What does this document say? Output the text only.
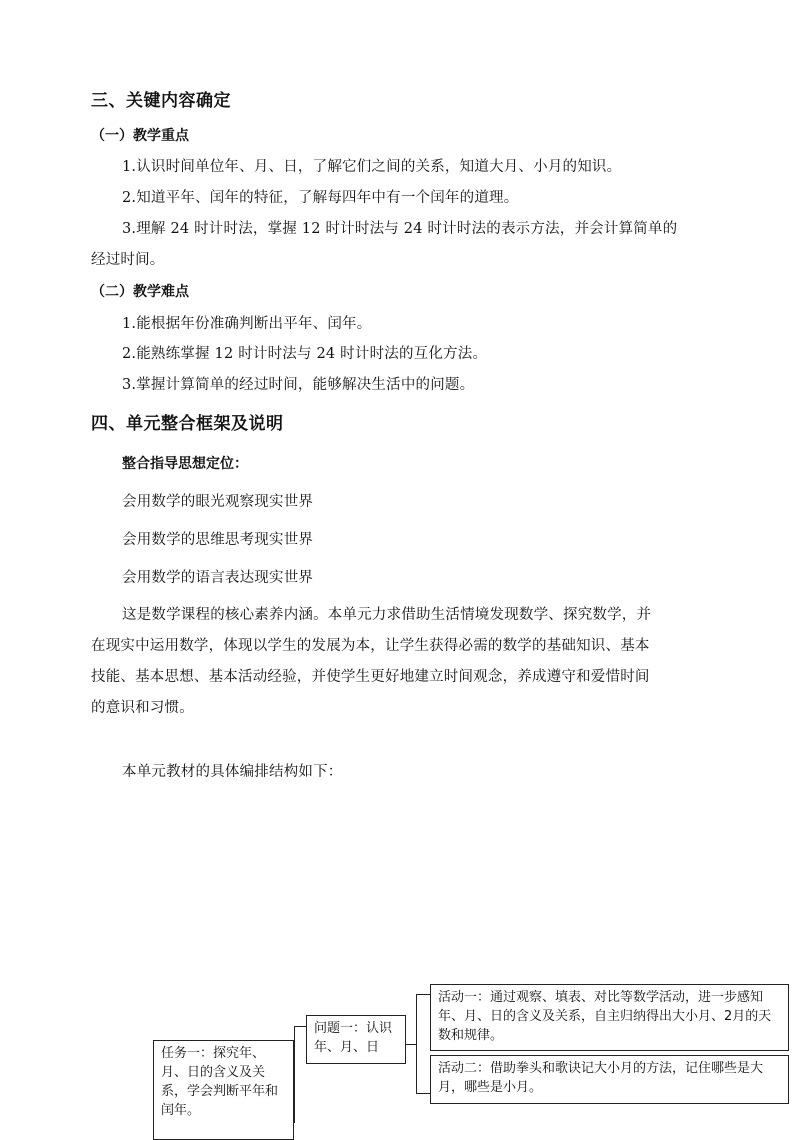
三、关键内容确定
（一）教学重点
1.认识时间单位年、月、日，了解它们之间的关系，知道大月、小月的知识。
2.知道平年、闰年的特征，了解每四年中有一个闰年的道理。
3.理解 24 时计时法，掌握 12 时计时法与 24 时计时法的表示方法，并会计算简单的
经过时间。
（二）教学难点
1.能根据年份准确判断出平年、闰年。
2.能熟练掌握 12 时计时法与 24 时计时法的互化方法。
3.掌握计算简单的经过时间，能够解决生活中的问题。
四、单元整合框架及说明
整合指导思想定位：
会用数学的眼光观察现实世界
会用数学的思维思考现实世界
会用数学的语言表达现实世界
这是数学课程的核心素养内涵。本单元力求借助生活情境发现数学、探究数学，并
在现实中运用数学，体现以学生的发展为本，让学生获得必需的数学的基础知识、基本
技能、基本思想、基本活动经验，并使学生更好地建立时间观念，养成遵守和爱惜时间
的意识和习惯。
本单元教材的具体编排结构如下：
任务一：探究年、月、日的含义及关系，学会判断平年和闰年。
问题一：认识年、月、日
活动一：通过观察、填表、对比等数学活动，进一步感知年、月、日的含义及关系，自主归纳得出大小月、2月的天数和规律。
活动二：借助拳头和歌诀记大小月的方法，记住哪些是大月，哪些是小月。
